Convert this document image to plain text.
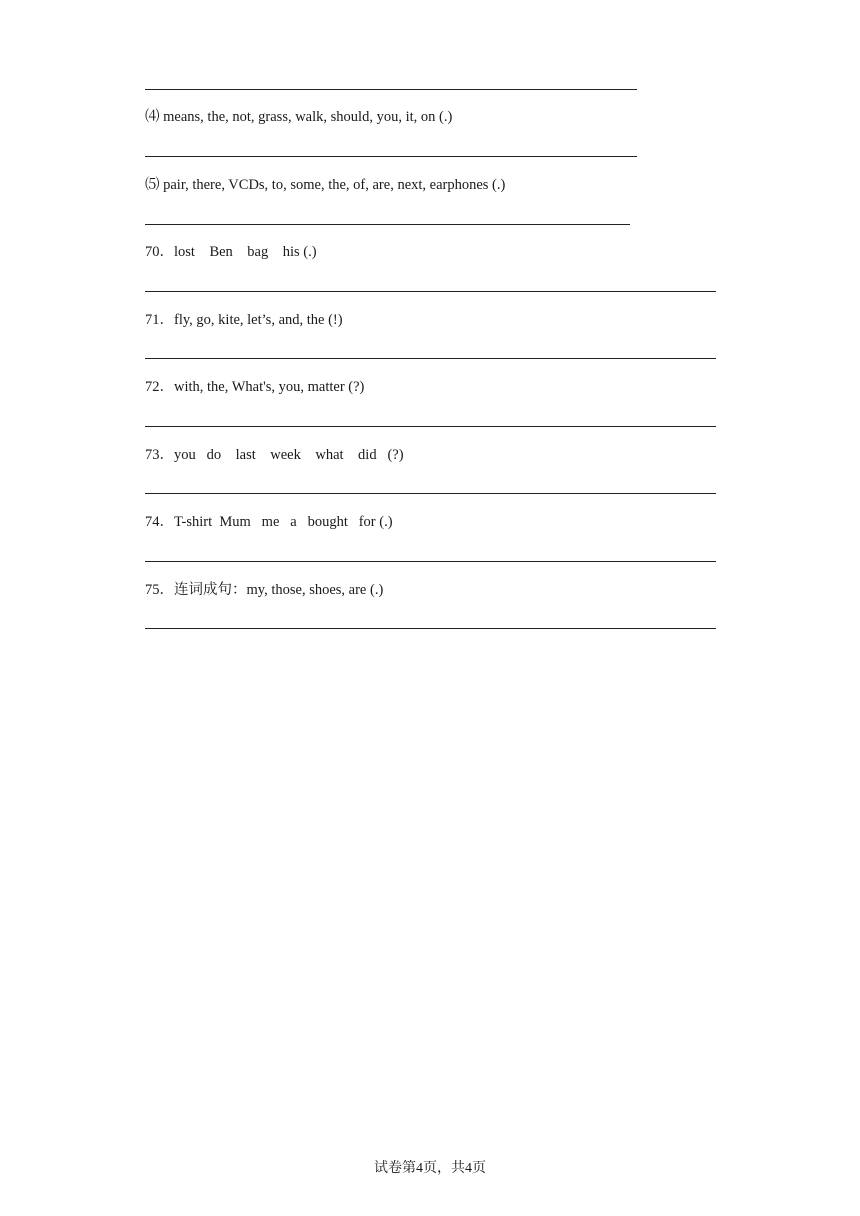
⑷ means, the, not, grass, walk, should, you, it, on (.)
⑸ pair, there, VCDs, to, some, the, of, are, next, earphones (.)
70．lost    Ben    bag    his (.)
71．fly, go, kite, let’s, and, the (!)
72．with, the, What's, you, matter (?)
73．you   do    last    week    what    did   (?)
74．T-shirt  Mum   me   a   bought   for (.)
75．连词成句：my, those, shoes, are (.)
试卷第4页，共4页
